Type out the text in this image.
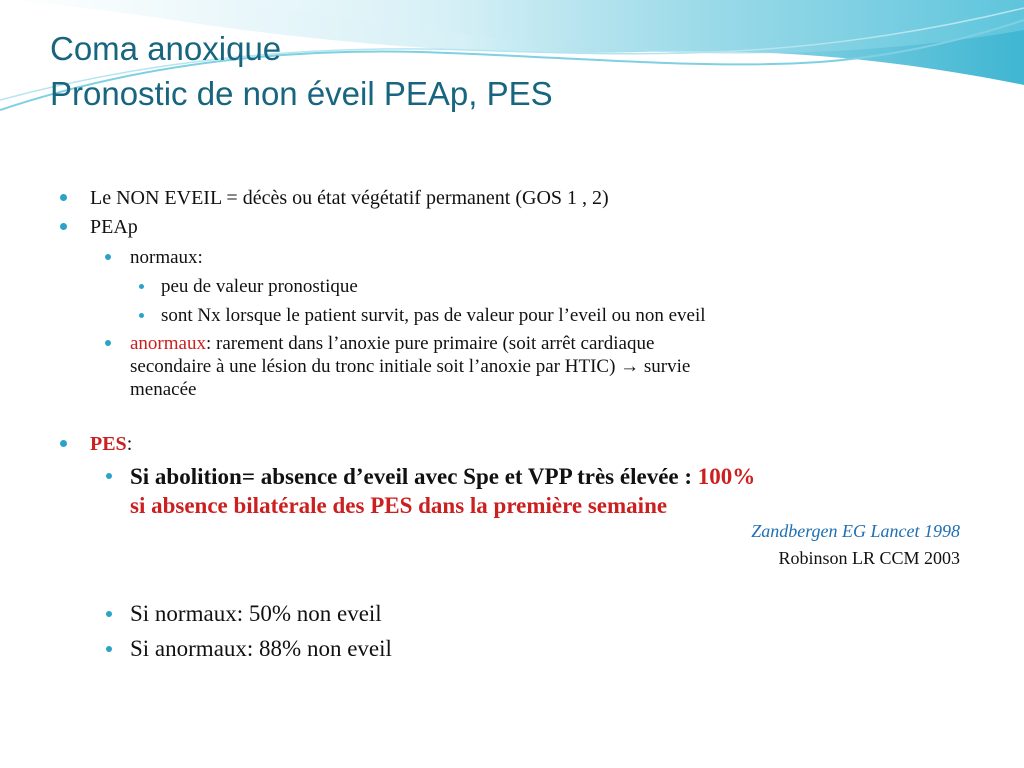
Coma anoxique
Pronostic de non éveil PEAp, PES
Le NON EVEIL = décès ou état végétatif permanent (GOS 1 , 2)
PEAp
normaux:
peu de valeur pronostique
sont Nx lorsque le patient survit, pas de valeur pour l’eveil ou non eveil
anormaux: rarement dans l’anoxie pure primaire (soit arrêt cardiaque
secondaire à une lésion du tronc initiale soit l’anoxie par HTIC) → survie
menacée
PES:
Si abolition= absence d’eveil avec Spe et VPP très élevée : 100%
si absence bilatérale des PES dans la première semaine
Zandbergen EG Lancet 1998
Robinson LR CCM 2003
Si normaux: 50% non eveil
Si anormaux: 88% non eveil
